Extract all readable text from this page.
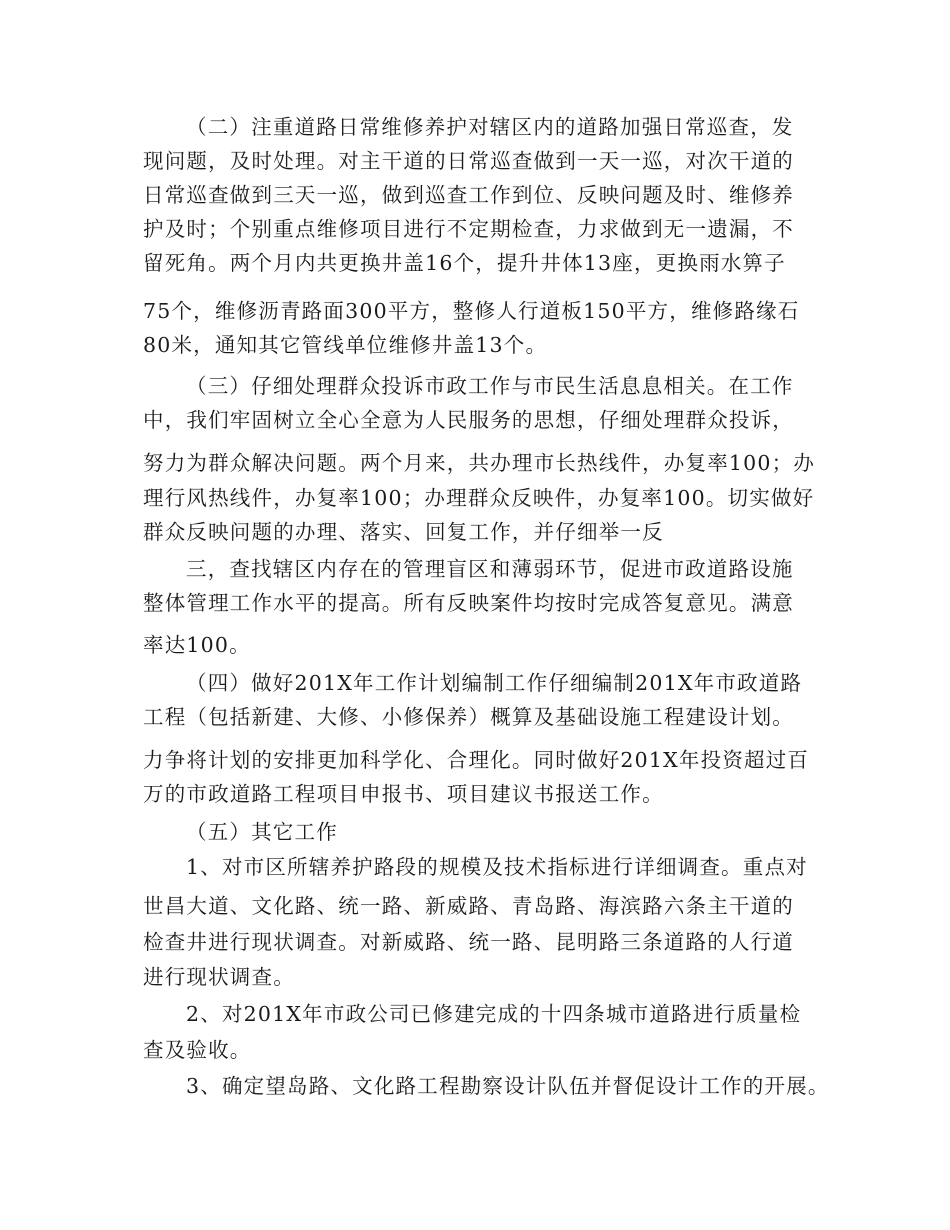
（二）注重道路日常维修养护对辖区内的道路加强日常巡查，发
现问题，及时处理。对主干道的日常巡查做到一天一巡，对次干道的
日常巡查做到三天一巡，做到巡查工作到位、反映问题及时、维修养
护及时；个别重点维修项目进行不定期检查，力求做到无一遗漏，不
留死角。两个月内共更换井盖16个，提升井体13座，更换雨水箅子
75个，维修沥青路面300平方，整修人行道板150平方，维修路缘石
80米，通知其它管线单位维修井盖13个。
（三）仔细处理群众投诉市政工作与市民生活息息相关。在工作
中，我们牢固树立全心全意为人民服务的思想，仔细处理群众投诉，
努力为群众解决问题。两个月来，共办理市长热线件，办复率100；办
理行风热线件，办复率100；办理群众反映件，办复率100。切实做好
群众反映问题的办理、落实、回复工作，并仔细举一反
三，查找辖区内存在的管理盲区和薄弱环节，促进市政道路设施
整体管理工作水平的提高。所有反映案件均按时完成答复意见。满意
率达100。
（四）做好201X年工作计划编制工作仔细编制201X年市政道路
工程（包括新建、大修、小修保养）概算及基础设施工程建设计划。
力争将计划的安排更加科学化、合理化。同时做好201X年投资超过百
万的市政道路工程项目申报书、项目建议书报送工作。
（五）其它工作
1、对市区所辖养护路段的规模及技术指标进行详细调查。重点对
世昌大道、文化路、统一路、新威路、青岛路、海滨路六条主干道的
检查井进行现状调查。对新威路、统一路、昆明路三条道路的人行道
进行现状调查。
2、对201X年市政公司已修建完成的十四条城市道路进行质量检
查及验收。
3、确定望岛路、文化路工程勘察设计队伍并督促设计工作的开展。
